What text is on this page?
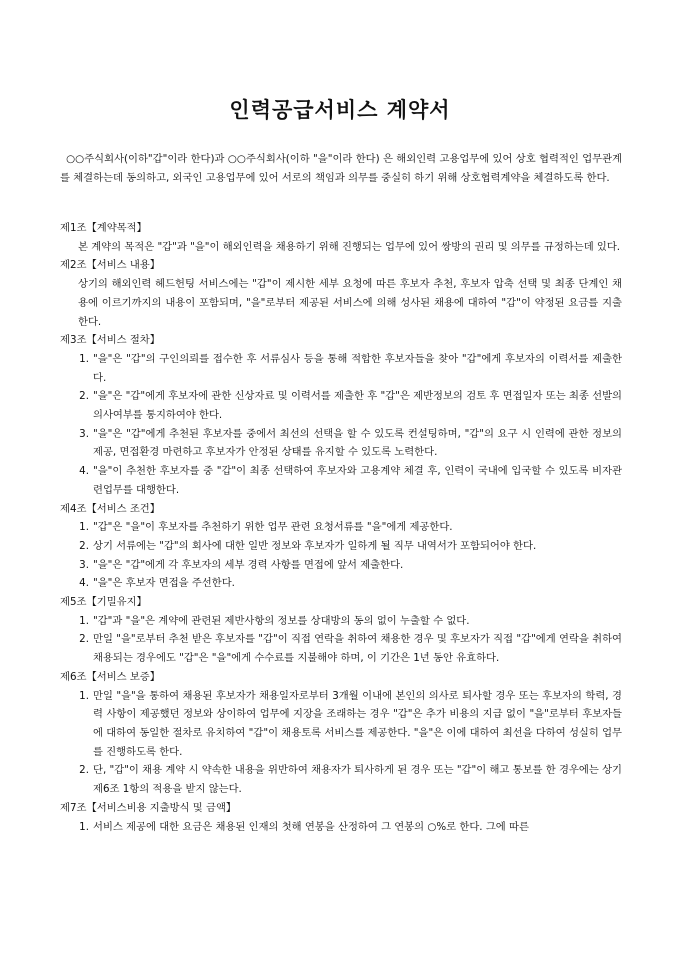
인력공급서비스 계약서
○○주식회사(이하"갑"이라 한다)과 ○○주식회사(이하 "을"이라 한다) 은 해외인력 고용업무에 있어 상호 협력적인 업무관계를 체결하는데 동의하고, 외국인 고용업무에 있어 서로의 책임과 의무를 중실히 하기 위해 상호협력계약을 체결하도록 한다.
제1조【계약목적】
본 계약의 목적은 "갑"과 "을"이 해외인력을 채용하기 위해 진행되는 업무에 있어 쌍방의 권리 및 의무를 규정하는데 있다.
제2조【서비스 내용】
상기의 해외인력 헤드헌팅 서비스에는 "갑"이 제시한 세부 요청에 따른 후보자 추천, 후보자 압축 선택 및 최종 단계인 채용에 이르기까지의 내용이 포함되며, "을"로부터 제공된 서비스에 의해 성사된 채용에 대하여 "갑"이 약정된 요금를 지출한다.
제3조【서비스 절차】
1. "을"은 "갑"의 구인의뢰를 접수한 후 서류심사 등을 통해 적합한 후보자들을 찾아 "갑"에게 후보자의 이력서를 제출한다.
2. "을"은 "갑"에게 후보자에 관한 신상자료 및 이력서를 제출한 후 "갑"은 제반정보의 검토 후 면접일자 또는 최종 선발의 의사여부를 통지하여야 한다.
3. "을"은 "갑"에게 추천된 후보자를 중에서 최선의 선택을 할 수 있도록 컨설팅하며, "갑"의 요구 시 인력에 관한 정보의 제공, 면접환경 마련하고 후보자가 안정된 상태를 유지할 수 있도록 노력한다.
4. "을"이 추천한 후보자를 중 "갑"이 최종 선택하여 후보자와 고용계약 체결 후, 인력이 국내에 입국할 수 있도록 비자관련업무를 대행한다.
제4조【서비스 조건】
1. "갑"은 "을"이 후보자를 추천하기 위한 업무 관련 요청서류를 "을"에게 제공한다.
2. 상기 서류에는 "갑"의 회사에 대한 일반 정보와 후보자가 일하게 될 직무 내역서가 포함되어야 한다.
3. "을"은 "갑"에게 각 후보자의 세부 경력 사항를 면접에 앞서 제출한다.
4. "을"은 후보자 면접을 주선한다.
제5조【기밀유지】
1. "갑"과 "을"은 계약에 관련된 제반사항의 정보를 상대방의 동의 없이 누출할 수 없다.
2. 만일 "을"로부터 추천 받은 후보자를 "갑"이 직접 연락을 취하여 채용한 경우 및 후보자가 직접 "갑"에게 연락을 취하여 채용되는 경우에도 "갑"은 "을"에게 수수료를 지불해야 하며, 이 기간은 1년 동안 유효하다.
제6조【서비스 보증】
1. 만일 "을"을 통하여 채용된 후보자가 채용일자로부터 3개월 이내에 본인의 의사로 퇴사할 경우 또는 후보자의 학력, 경력 사항이 제공했던 정보와 상이하여 업무에 지장을 조래하는 경우 "갑"은 추가 비용의 지급 없이 "을"로부터 후보자들에 대하여 동일한 절차로 유치하여 "갑"이 채용토록 서비스를 제공한다. "을"은 이에 대하여 최선을 다하여 성실히 업무를 진행하도록 한다.
2. 단, "갑"이 채용 계약 시 약속한 내용을 위반하여 채용자가 퇴사하게 된 경우 또는 "갑"이 해고 통보를 한 경우에는 상기 제6조 1항의 적용을 받지 않는다.
제7조【서비스비용 지출방식 및 금액】
1. 서비스 제공에 대한 요금은 채용된 인재의 첫해 연봉을 산정하여 그 연봉의 ○%로 한다. 그에 따른
